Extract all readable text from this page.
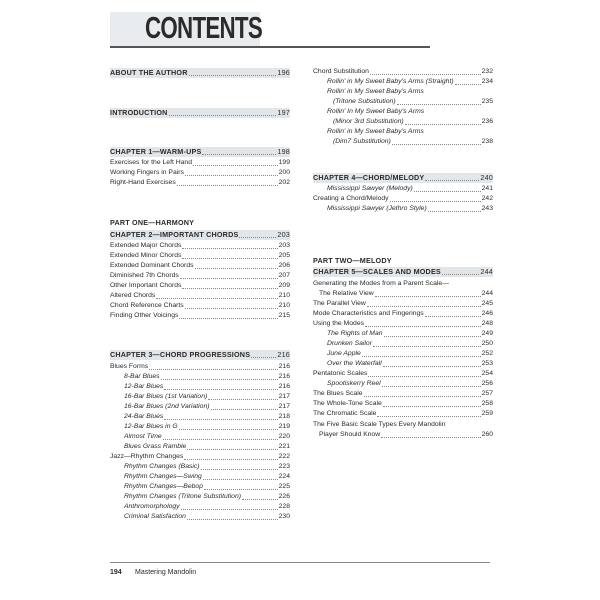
CONTENTS
ABOUT THE AUTHOR	196
INTRODUCTION	197
CHAPTER 1—WARM-UPS	198
Exercises for the Left Hand	199
Working Fingers in Pairs	200
Right-Hand Exercises	202
PART ONE—HARMONY
CHAPTER 2—IMPORTANT CHORDS	203
Extended Major Chords	203
Extended Minor Chords	205
Extended Dominant Chords	206
Diminished 7th Chords	207
Other Important Chords	209
Altered Chords	210
Chord Reference Charts	210
Finding Other Voicings	215
CHAPTER 3—CHORD PROGRESSIONS	216
Blues Forms	216
8-Bar Blues	216
12-Bar Blues	216
16-Bar Blues (1st Variation)	217
16-Bar Blues (2nd Variation)	217
24-Bar Blues	218
12-Bar Blues in G	219
Almost Time	220
Blues Grass Ramble	221
Jazz—Rhythm Changes	222
Rhythm Changes (Basic)	223
Rhythm Changes—Swing	224
Rhythm Changes—Bebop	225
Rhythm Changes (Tritone Substitution)	226
Anthromorphology	228
Criminal Satisfaction	230
Chord Substitution	232
Rollin' in My Sweet Baby's Arms (Straight)	234
Rollin' in My Sweet Baby's Arms
(Tritone Substitution)	235
Rollin' In My Sweet Baby's Arms
(Minor 3rd Substitution)	236
Rollin' in My Sweet Baby's Arms
(Dim7 Substitution)	238
CHAPTER 4—CHORD/MELODY	240
Mississippi Sawyer (Melody)	241
Creating a Chord/Melody	242
Mississippi Sawyer (Jethro Style)	243
PART TWO—MELODY
CHAPTER 5—SCALES AND MODES	244
Generating the Modes from a Parent Scale—
The Relative View	244
The Parallel View	245
Mode Characteristics and Fingerings	246
Using the Modes	248
The Rights of Man	249
Drunken Sailor	250
June Apple	252
Over the Waterfall	253
Pentatonic Scales	254
Spootiskerry Reel	256
The Blues Scale	257
The Whole-Tone Scale	258
The Chromatic Scale	259
The Five Basic Scale Types Every Mandolin
Player Should Know	260
194 Mastering Mandolin
